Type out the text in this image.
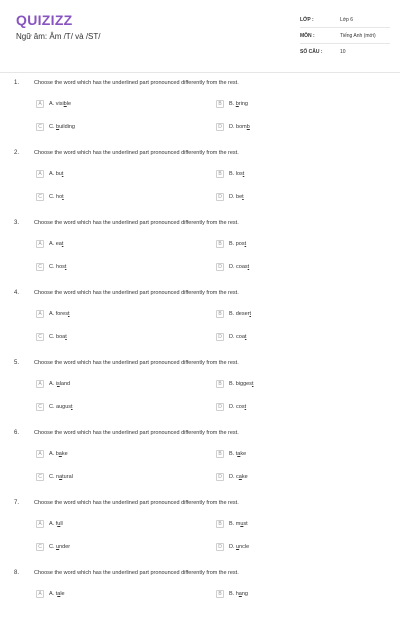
QUIZIZZ
Ngữ âm: Âm /T/ và /ST/
LỚP :	Lớp 6
MÔN :	Tiếng Anh (mới)
SỐ CÂU :	10
1.	Choose the word which has the underlined part pronounced differently from the rest.
A	A. visible	B	B. bring
C	C. building	D	D. bomb
2.	Choose the word which has the underlined part pronounced differently from the rest.
A	A. but	B	B. lost
C	C. hot	D	D. bet
3.	Choose the word which has the underlined part pronounced differently from the rest.
A	A. eat	B	B. post
C	C. host	D	D. coast
4.	Choose the word which has the underlined part pronounced differently from the rest.
A	A. forest	B	B. desert
C	C. boat	D	D. coat
5.	Choose the word which has the underlined part pronounced differently from the rest.
A	A. island	B	B. biggest
C	C. august	D	D. cost
6.	Choose the word which has the underlined part pronounced differently from the rest.
A	A. bake	B	B. take
C	C. natural	D	D. cake
7.	Choose the word which has the underlined part pronounced differently from the rest.
A	A. full	B	B. must
C	C. under	D	D. uncle
8.	Choose the word which has the underlined part pronounced differently from the rest.
A	A. tale	B	B. hang
